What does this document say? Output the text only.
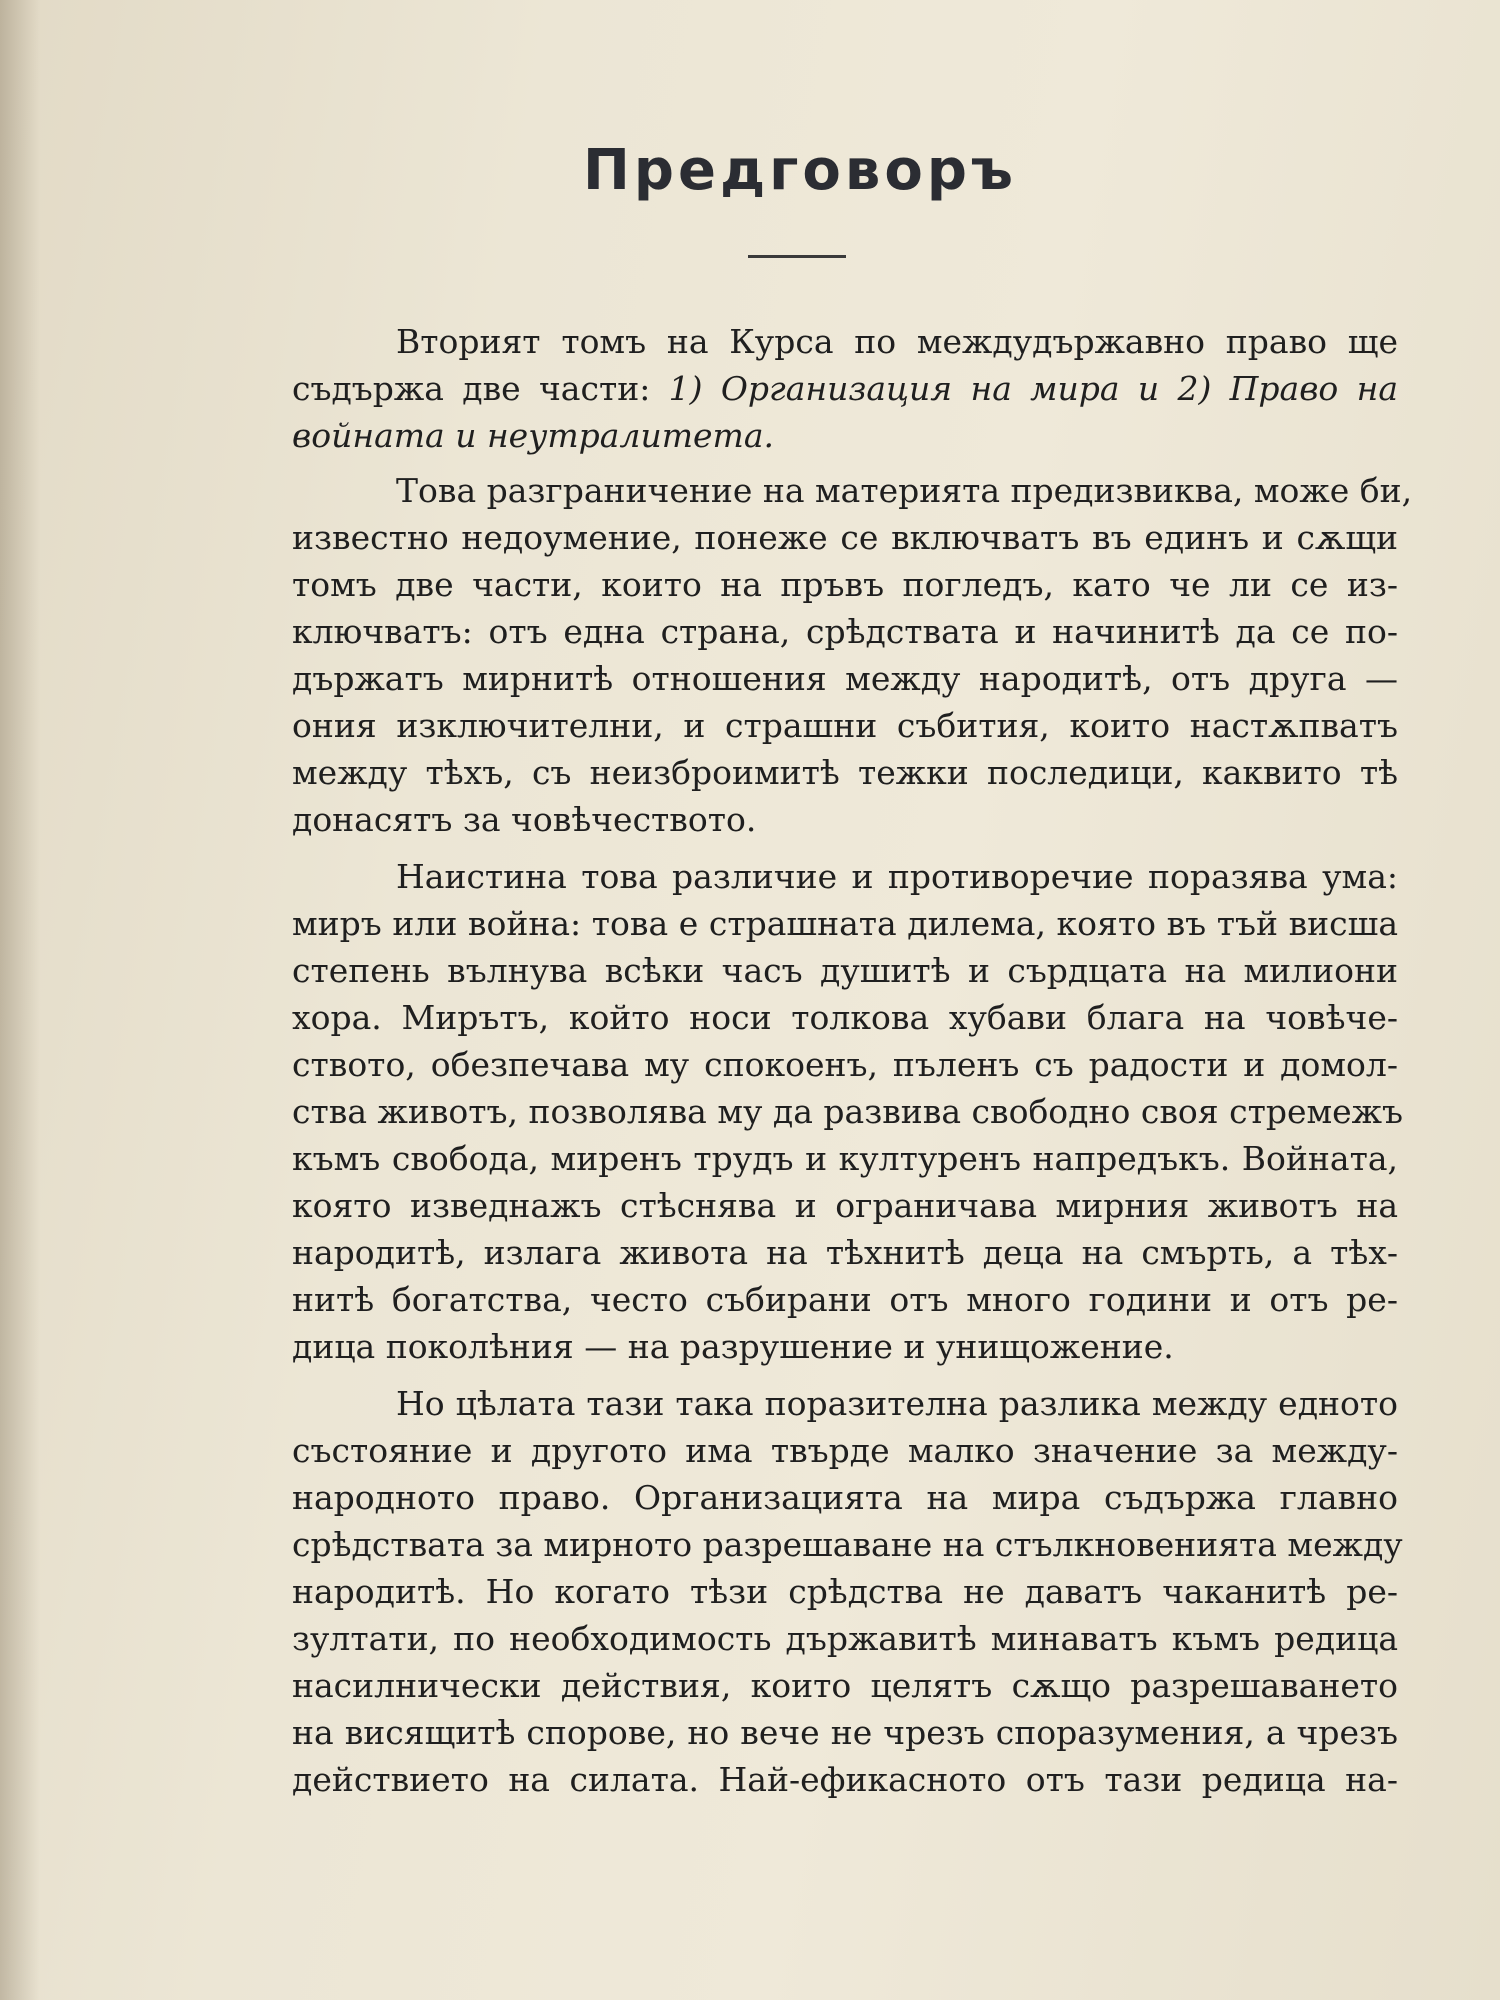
Предговоръ
Вторият томъ на Курса по междудържавно право ще
съдържа две части: 1) Организация на мира и 2) Право на
войната и неутралитета.
Това разграничение на материята предизвиква, може би,
известно недоумение, понеже се включватъ въ единъ и сѫщи
томъ две части, които на пръвъ погледъ, като че ли се из-
ключватъ: отъ една страна, срѣдствата и начинитѣ да се по-
държатъ мирнитѣ отношения между народитѣ, отъ друга —
ония изключителни, и страшни събития, които настѫпватъ
между тѣхъ, съ неизброимитѣ тежки последици, каквито тѣ
донасятъ за човѣчеството.
Наистина това различие и противоречие поразява ума:
миръ или война: това е страшната дилема, която въ тъй висша
степень вълнува всѣки часъ душитѣ и сърдцата на милиони
хора. Мирътъ, който носи толкова хубави блага на човѣче-
ството, обезпечава му спокоенъ, пъленъ съ радости и домол-
ства животъ, позволява му да развива свободно своя стремежъ
къмъ свобода, миренъ трудъ и културенъ напредъкъ. Войната,
която изведнажъ стѣснява и ограничава мирния животъ на
народитѣ, излага живота на тѣхнитѣ деца на смърть, а тѣх-
нитѣ богатства, често събирани отъ много години и отъ ре-
дица поколѣния — на разрушение и унищожение.
Но цѣлата тази така поразителна разлика между едното
състояние и другото има твърде малко значение за между-
народното право. Организацията на мира съдържа главно
срѣдствата за мирното разрешаване на стълкновенията между
народитѣ. Но когато тѣзи срѣдства не даватъ чаканитѣ ре-
зултати, по необходимость държавитѣ минаватъ къмъ редица
насилнически действия, които целятъ сѫщо разрешаването
на висящитѣ спорове, но вече не чрезъ споразумения, а чрезъ
действието на силата. Най-ефикасното отъ тази редица на-
